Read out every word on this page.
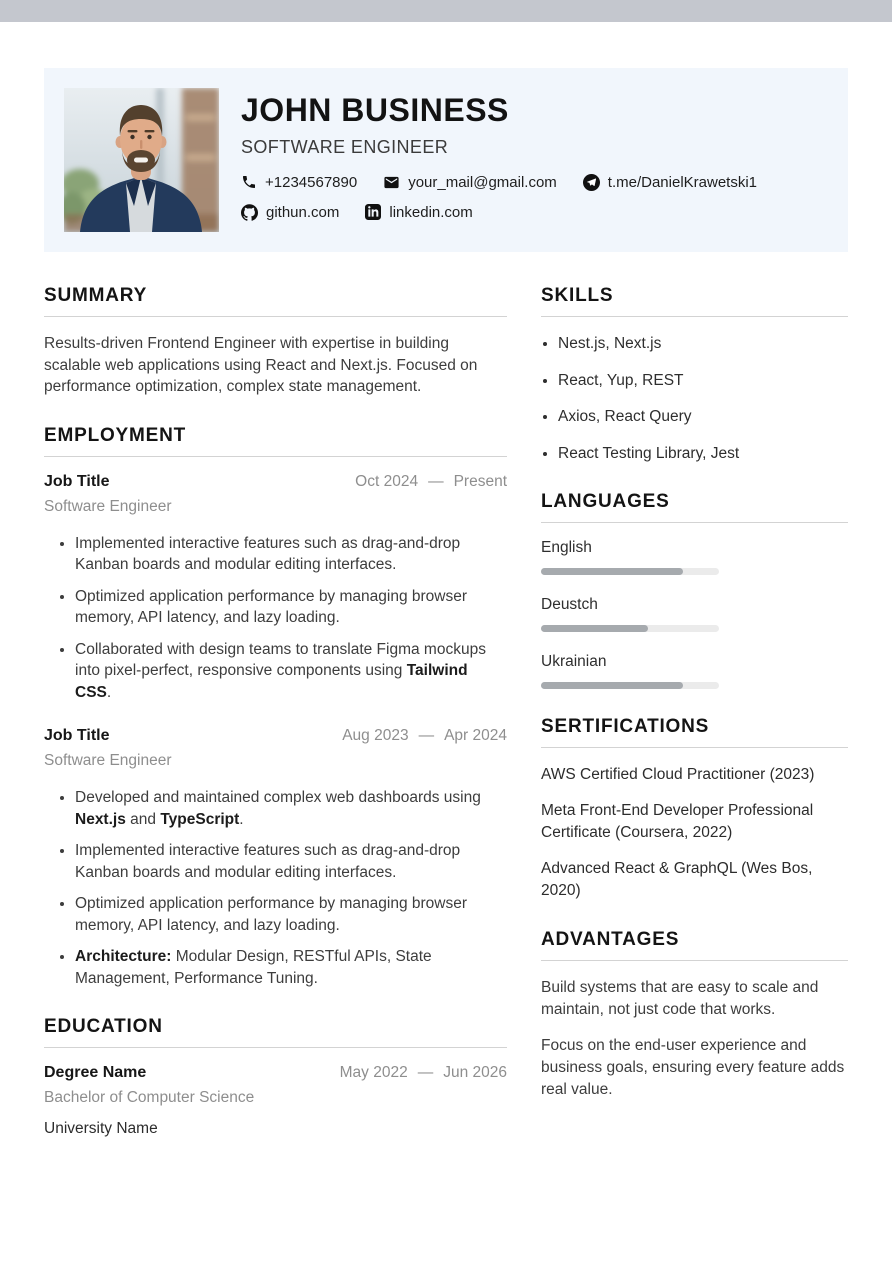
JOHN BUSINESS
SOFTWARE ENGINEER
+1234567890	your_mail@gmail.com	t.me/DanielKrawetski1
githun.com	linkedin.com
SUMMARY

Results-driven Frontend Engineer with expertise in building scalable web applications using React and Next.js. Focused on performance optimization, complex state management.

EMPLOYMENT
Job Title	Oct 2024 — Present
Software Engineer
• Implemented interactive features such as drag-and-drop Kanban boards and modular editing interfaces.
• Optimized application performance by managing browser memory, API latency, and lazy loading.
• Collaborated with design teams to translate Figma mockups into pixel-perfect, responsive components using Tailwind CSS.
Job Title	Aug 2023 — Apr 2024
Software Engineer
• Developed and maintained complex web dashboards using Next.js and TypeScript.
• Implemented interactive features such as drag-and-drop Kanban boards and modular editing interfaces.
• Optimized application performance by managing browser memory, API latency, and lazy loading.
• Architecture: Modular Design, RESTful APIs, State Management, Performance Tuning.
EDUCATION
Degree Name	May 2022 — Jun 2026
Bachelor of Computer Science
University Name
SKILLS
• Nest.js, Next.js
• React, Yup, REST
• Axios, React Query
• React Testing Library, Jest
LANGUAGES
English
Deustch
Ukrainian
SERTIFICATIONS

AWS Certified Cloud Practitioner (2023)

Meta Front-End Developer Professional Certificate (Coursera, 2022)

Advanced React & GraphQL (Wes Bos, 2020)

ADVANTAGES

Build systems that are easy to scale and maintain, not just code that works.

Focus on the end-user experience and business goals, ensuring every feature adds real value.
